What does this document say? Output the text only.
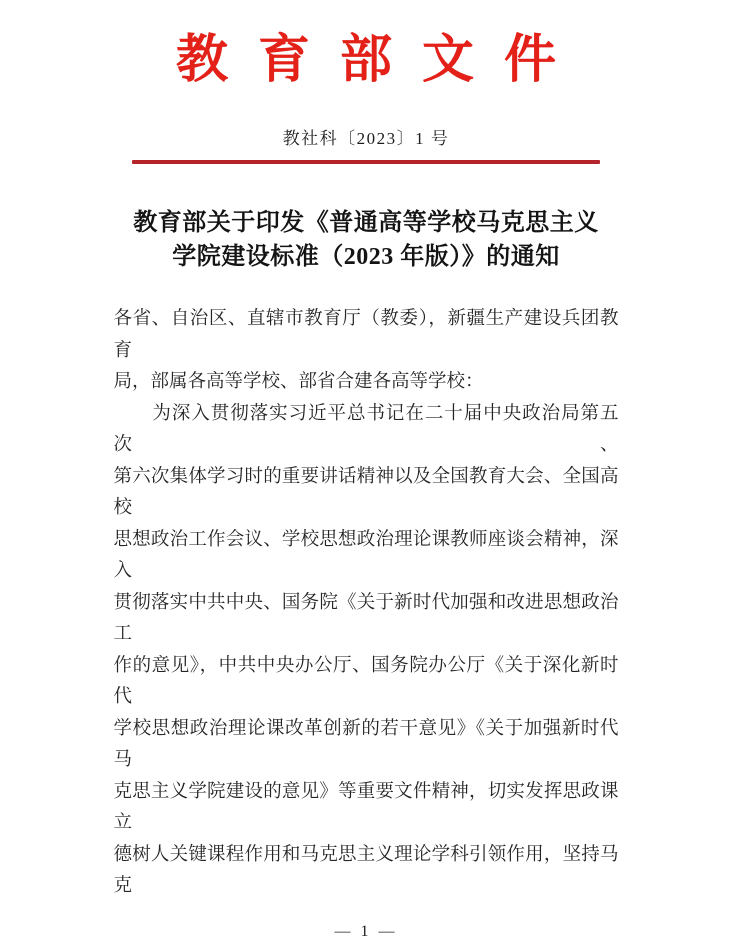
教育部文件
教社科〔2023〕1 号
教育部关于印发《普通高等学校马克思主义
学院建设标准（2023 年版）》的通知
各省、自治区、直辖市教育厅（教委），新疆生产建设兵团教育
局，部属各高等学校、部省合建各高等学校：
　　为深入贯彻落实习近平总书记在二十届中央政治局第五次、
第六次集体学习时的重要讲话精神以及全国教育大会、全国高校
思想政治工作会议、学校思想政治理论课教师座谈会精神，深入
贯彻落实中共中央、国务院《关于新时代加强和改进思想政治工
作的意见》，中共中央办公厅、国务院办公厅《关于深化新时代
学校思想政治理论课改革创新的若干意见》《关于加强新时代马
克思主义学院建设的意见》等重要文件精神，切实发挥思政课立
德树人关键课程作用和马克思主义理论学科引领作用，坚持马克
— 1 —
